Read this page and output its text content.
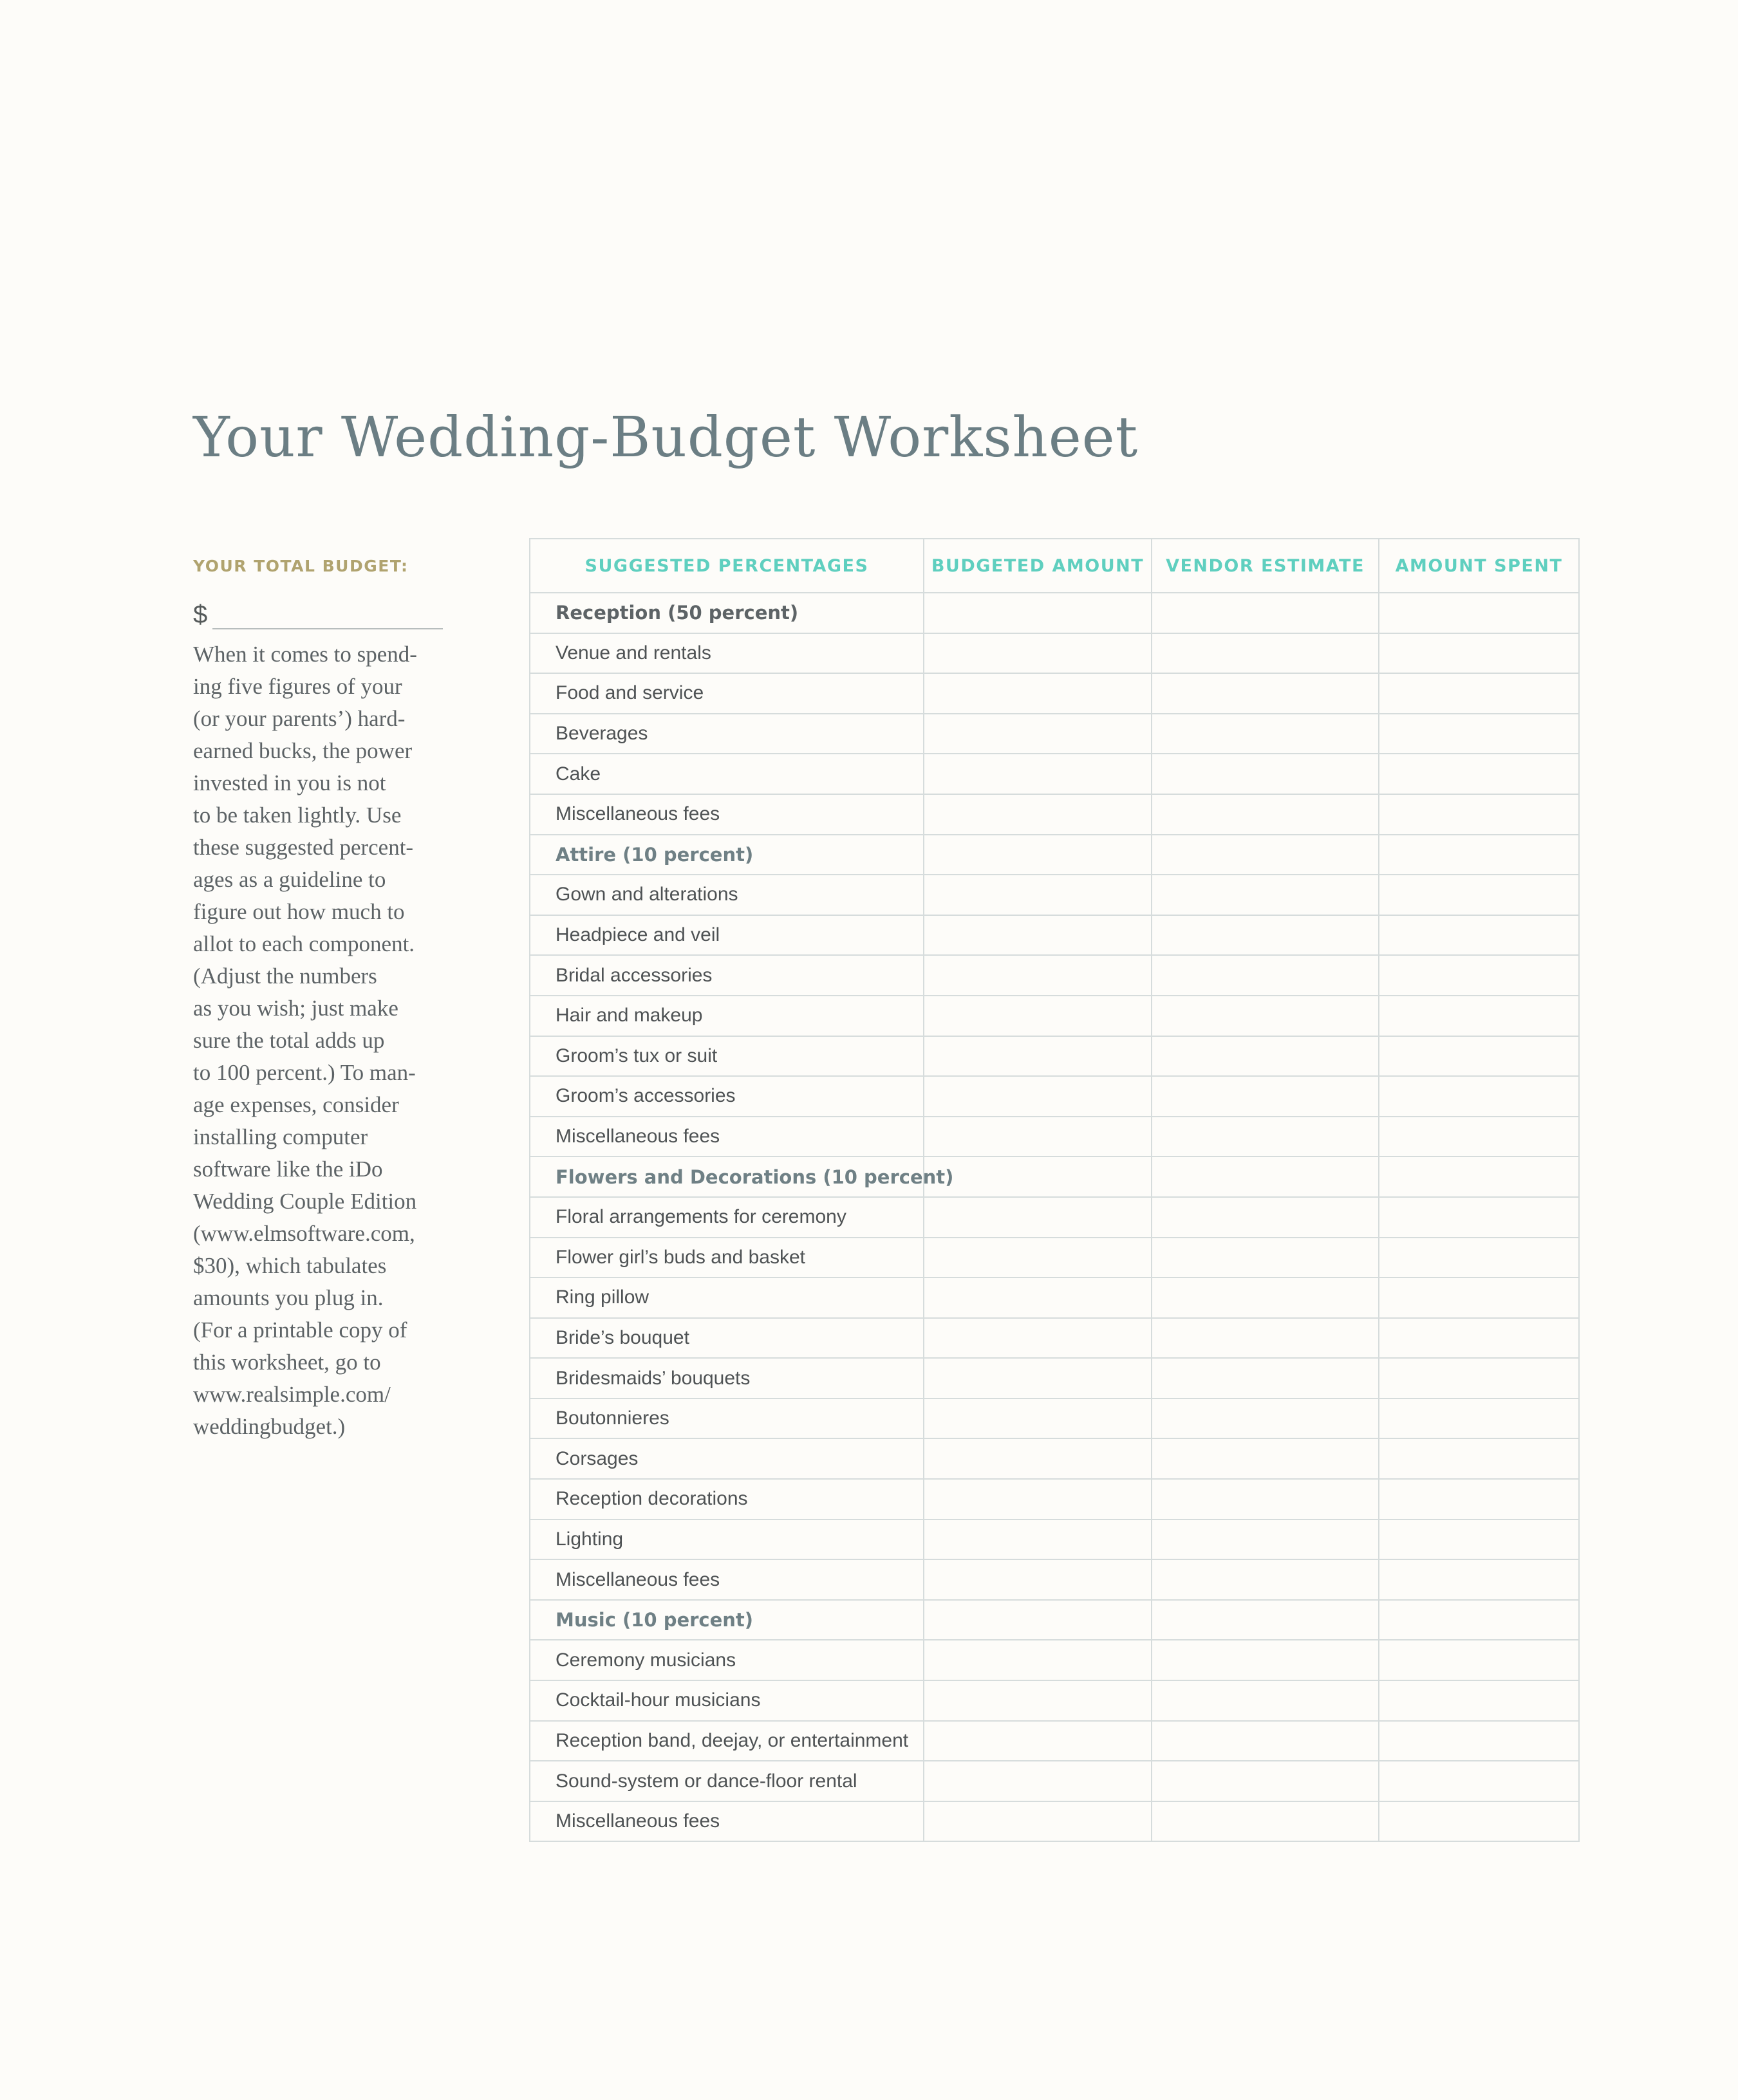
Your Wedding-Budget Worksheet

YOUR TOTAL BUDGET:

$
When it comes to spend-
ing five figures of your
(or your parents’) hard-
earned bucks, the power
invested in you is not
to be taken lightly. Use
these suggested percent-
ages as a guideline to
figure out how much to
allot to each component.
(Adjust the numbers
as you wish; just make
sure the total adds up
to 100 percent.) To man-
age expenses, consider
installing computer
software like the iDo
Wedding Couple Edition
(www.elmsoftware.com,
$30), which tabulates
amounts you plug in.
(For a printable copy of
this worksheet, go to
www.realsimple.com/
weddingbudget.)
SUGGESTED PERCENTAGES	BUDGETED AMOUNT	VENDOR ESTIMATE	AMOUNT SPENT
Reception (50 percent)			
Venue and rentals			
Food and service			
Beverages			
Cake			
Miscellaneous fees			
Attire (10 percent)			
Gown and alterations			
Headpiece and veil			
Bridal accessories			
Hair and makeup			
Groom’s tux or suit			
Groom’s accessories			
Miscellaneous fees			
Flowers and Decorations (10 percent)			
Floral arrangements for ceremony			
Flower girl’s buds and basket			
Ring pillow			
Bride’s bouquet			
Bridesmaids’ bouquets			
Boutonnieres			
Corsages			
Reception decorations			
Lighting			
Miscellaneous fees			
Music (10 percent)			
Ceremony musicians			
Cocktail-hour musicians			
Reception band, deejay, or entertainment			
Sound-system or dance-floor rental			
Miscellaneous fees			
